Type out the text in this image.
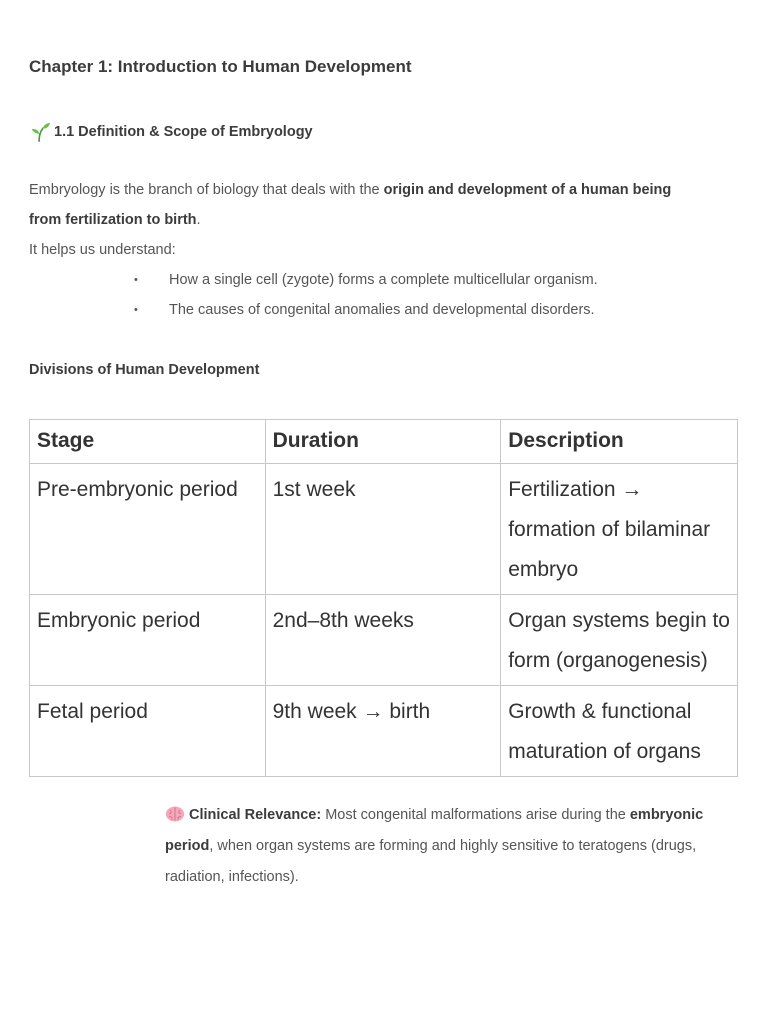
Chapter 1: Introduction to Human Development
1.1 Definition & Scope of Embryology
Embryology is the branch of biology that deals with the origin and development of a human being
from fertilization to birth.
It helps us understand:
• How a single cell (zygote) forms a complete multicellular organism.
• The causes of congenital anomalies and developmental disorders.
Divisions of Human Development
Stage	Duration	Description
Pre-embryonic period	1st week	Fertilization → formation of bilaminar embryo
Embryonic period	2nd–8th weeks	Organ systems begin to form (organogenesis)
Fetal period	9th week → birth	Growth & functional maturation of organs
Clinical Relevance: Most congenital malformations arise during the embryonic period, when organ systems are forming and highly sensitive to teratogens (drugs, radiation, infections).
